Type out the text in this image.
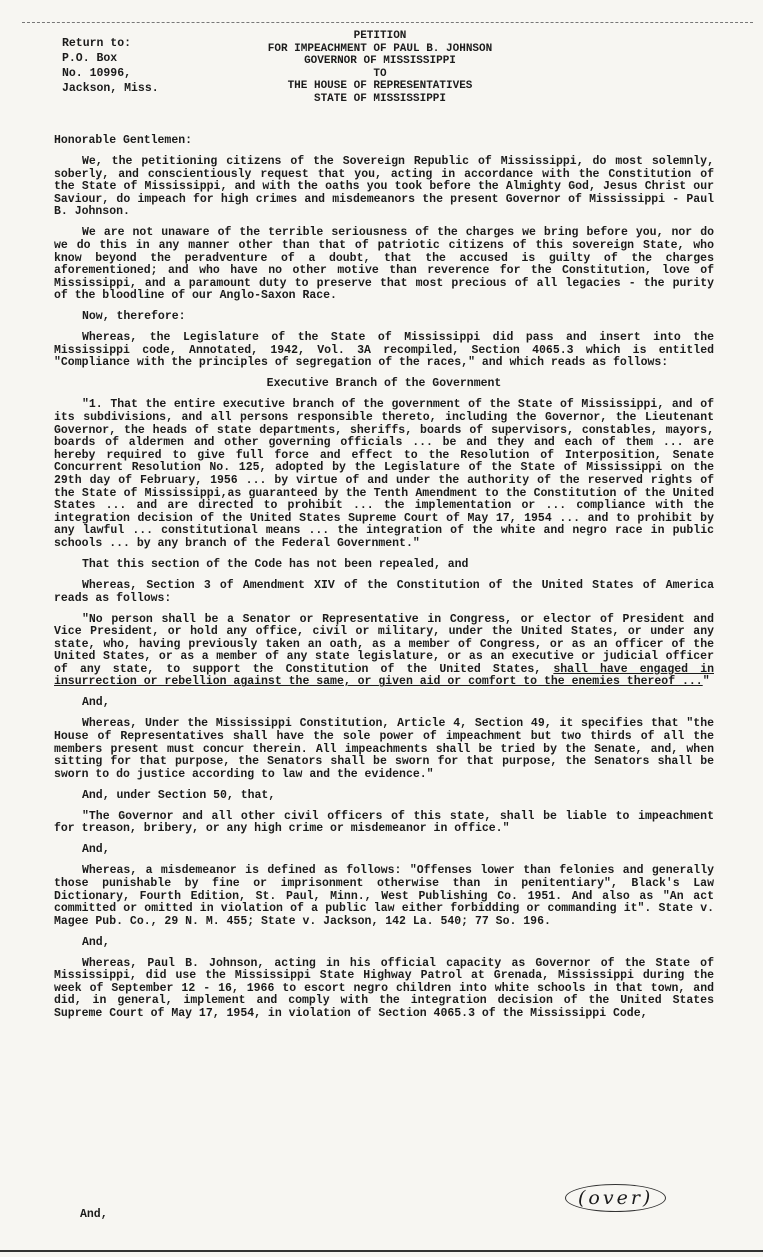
Return to:
P.O. Box
No. 10996,
Jackson, Miss.
PETITION
FOR IMPEACHMENT OF PAUL B. JOHNSON
GOVERNOR OF MISSISSIPPI
TO
THE HOUSE OF REPRESENTATIVES
STATE OF MISSISSIPPI

Honorable Gentlemen:

We, the petitioning citizens of the Sovereign Republic of Mississippi, do most solemnly, soberly, and conscientiously request that you, acting in accordance with the Constitution of the State of Mississippi, and with the oaths you took before the Almighty God, Jesus Christ our Saviour, do impeach for high crimes and misdemeanors the present Governor of Mississippi - Paul B. Johnson.

We are not unaware of the terrible seriousness of the charges we bring before you, nor do we do this in any manner other than that of patriotic citizens of this sovereign State, who know beyond the peradventure of a doubt, that the accused is guilty of the charges aforementioned; and who have no other motive than reverence for the Constitution, love of Mississippi, and a paramount duty to preserve that most precious of all legacies - the purity of the bloodline of our Anglo-Saxon Race.

Now, therefore:

Whereas, the Legislature of the State of Mississippi did pass and insert into the Mississippi code, Annotated, 1942, Vol. 3A recompiled, Section 4065.3 which is entitled "Compliance with the principles of segregation of the races," and which reads as follows:

Executive Branch of the Government

"1. That the entire executive branch of the government of the State of Mississippi, and of its subdivisions, and all persons responsible thereto, including the Governor, the Lieutenant Governor, the heads of state departments, sheriffs, boards of supervisors, constables, mayors, boards of aldermen and other governing officials ... be and they and each of them ... are hereby required to give full force and effect to the Resolution of Interposition, Senate Concurrent Resolution No. 125, adopted by the Legislature of the State of Mississippi on the 29th day of February, 1956 ... by virtue of and under the authority of the reserved rights of the State of Mississippi,as guaranteed by the Tenth Amendment to the Constitution of the United States ... and are directed to prohibit ... the implementation or ... compliance with the integration decision of the United States Supreme Court of May 17, 1954 ... and to prohibit by any lawful ... constitutional means ... the integration of the white and negro race in public schools ... by any branch of the Federal Government."

That this section of the Code has not been repealed, and

Whereas, Section 3 of Amendment XIV of the Constitution of the United States of America reads as follows:

"No person shall be a Senator or Representative in Congress, or elector of President and Vice President, or hold any office, civil or military, under the United States, or under any state, who, having previously taken an oath, as a member of Congress, or as an officer of the United States, or as a member of any state legislature, or as an executive or judicial officer of any state, to support the Constitution of the United States, shall have engaged in insurrection or rebellion against the same, or given aid or comfort to the enemies thereof ..."

And,

Whereas, Under the Mississippi Constitution, Article 4, Section 49, it specifies that "the House of Representatives shall have the sole power of impeachment but two thirds of all the members present must concur therein. All impeachments shall be tried by the Senate, and, when sitting for that purpose, the Senators shall be sworn for that purpose, the Senators shall be sworn to do justice according to law and the evidence."

And, under Section 50, that,

"The Governor and all other civil officers of this state, shall be liable to impeachment for treason, bribery, or any high crime or misdemeanor in office."

And,

Whereas, a misdemeanor is defined as follows: "Offenses lower than felonies and generally those punishable by fine or imprisonment otherwise than in penitentiary", Black's Law Dictionary, Fourth Edition, St. Paul, Minn., West Publishing Co. 1951. And also as "An act committed or omitted in violation of a public law either forbidding or commanding it". State v. Magee Pub. Co., 29 N. M. 455; State v. Jackson, 142 La. 540; 77 So. 196.

And,

Whereas, Paul B. Johnson, acting in his official capacity as Governor of the State of Mississippi, did use the Mississippi State Highway Patrol at Grenada, Mississippi during the week of September 12 - 16, 1966 to escort negro children into white schools in that town, and did, in general, implement and comply with the integration decision of the United States Supreme Court of May 17, 1954, in violation of Section 4065.3 of the Mississippi Code,

And,
(over)
